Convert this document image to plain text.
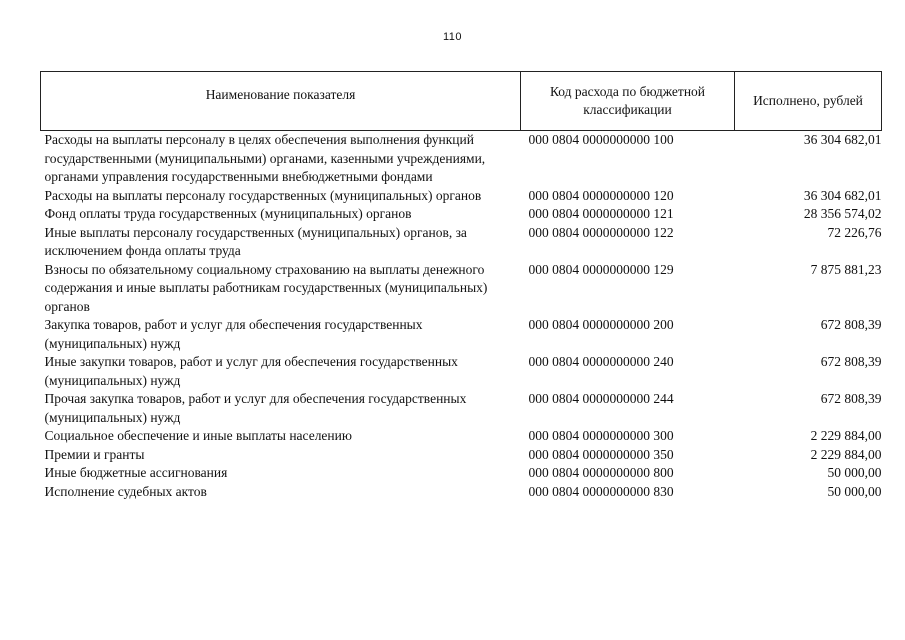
110
Наименование показателя	Код расхода по бюджетной классификации	Исполнено, рублей
Расходы на выплаты персоналу в целях обеспечения выполнения функций государственными (муниципальными) органами, казенными учреждениями, органами управления государственными внебюджетными фондами	000 0804 0000000000 100	36 304 682,01
Расходы на выплаты персоналу государственных (муниципальных) органов	000 0804 0000000000 120	36 304 682,01
Фонд оплаты труда государственных (муниципальных) органов	000 0804 0000000000 121	28 356 574,02
Иные выплаты персоналу государственных (муниципальных) органов, за исключением фонда оплаты труда	000 0804 0000000000 122	72 226,76
Взносы по обязательному социальному страхованию на выплаты денежного содержания и иные выплаты работникам государственных (муниципальных) органов	000 0804 0000000000 129	7 875 881,23
Закупка товаров, работ и услуг для обеспечения государственных (муниципальных) нужд	000 0804 0000000000 200	672 808,39
Иные закупки товаров, работ и услуг для обеспечения государственных (муниципальных) нужд	000 0804 0000000000 240	672 808,39
Прочая закупка товаров, работ и услуг для обеспечения государственных (муниципальных) нужд	000 0804 0000000000 244	672 808,39
Социальное обеспечение и иные выплаты населению	000 0804 0000000000 300	2 229 884,00
Премии и гранты	000 0804 0000000000 350	2 229 884,00
Иные бюджетные ассигнования	000 0804 0000000000 800	50 000,00
Исполнение судебных актов	000 0804 0000000000 830	50 000,00
